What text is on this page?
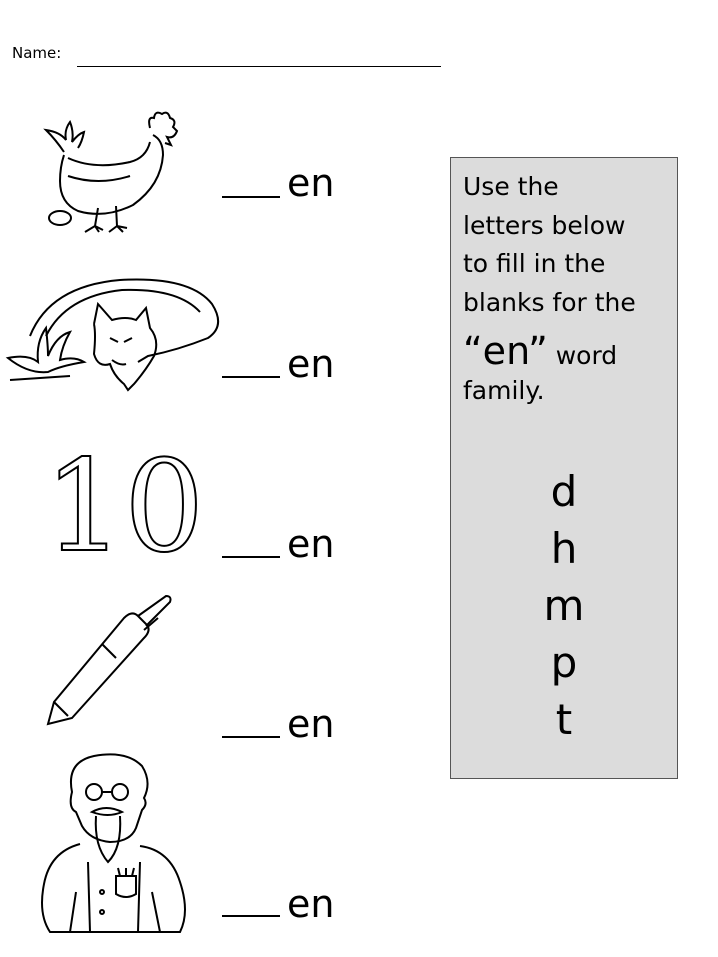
Name:
en
en
10 en
en
en
Use the
letters below
to fill in the
blanks for the
“en” word
family.
d
h
m
p
t
